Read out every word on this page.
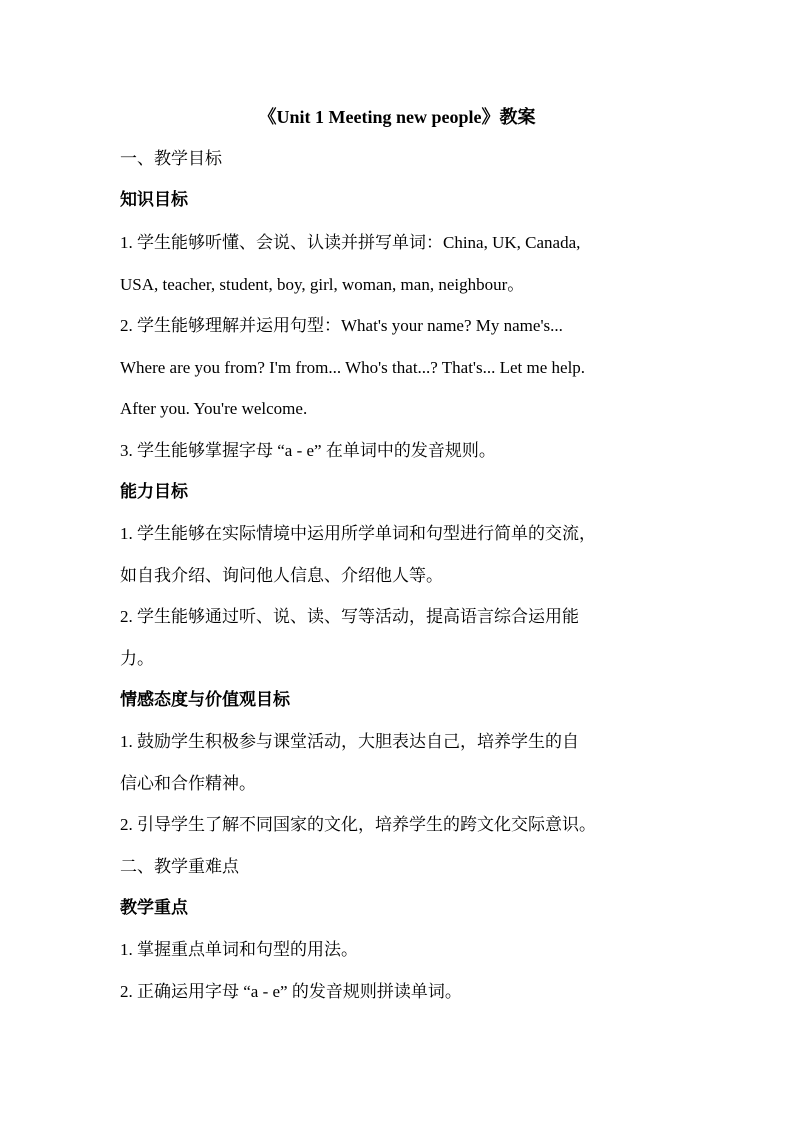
《Unit 1 Meeting new people》教案
一、教学目标
知识目标
1. 学生能够听懂、会说、认读并拼写单词：China, UK, Canada,
USA, teacher, student, boy, girl, woman, man, neighbour。
2. 学生能够理解并运用句型：What's your name? My name's...
Where are you from? I'm from... Who's that...? That's... Let me help.
After you. You're welcome.
3. 学生能够掌握字母 “a - e” 在单词中的发音规则。
能力目标
1. 学生能够在实际情境中运用所学单词和句型进行简单的交流，
如自我介绍、询问他人信息、介绍他人等。
2. 学生能够通过听、说、读、写等活动，提高语言综合运用能
力。
情感态度与价值观目标
1. 鼓励学生积极参与课堂活动，大胆表达自己，培养学生的自
信心和合作精神。
2. 引导学生了解不同国家的文化，培养学生的跨文化交际意识。
二、教学重难点
教学重点
1. 掌握重点单词和句型的用法。
2. 正确运用字母 “a - e” 的发音规则拼读单词。
